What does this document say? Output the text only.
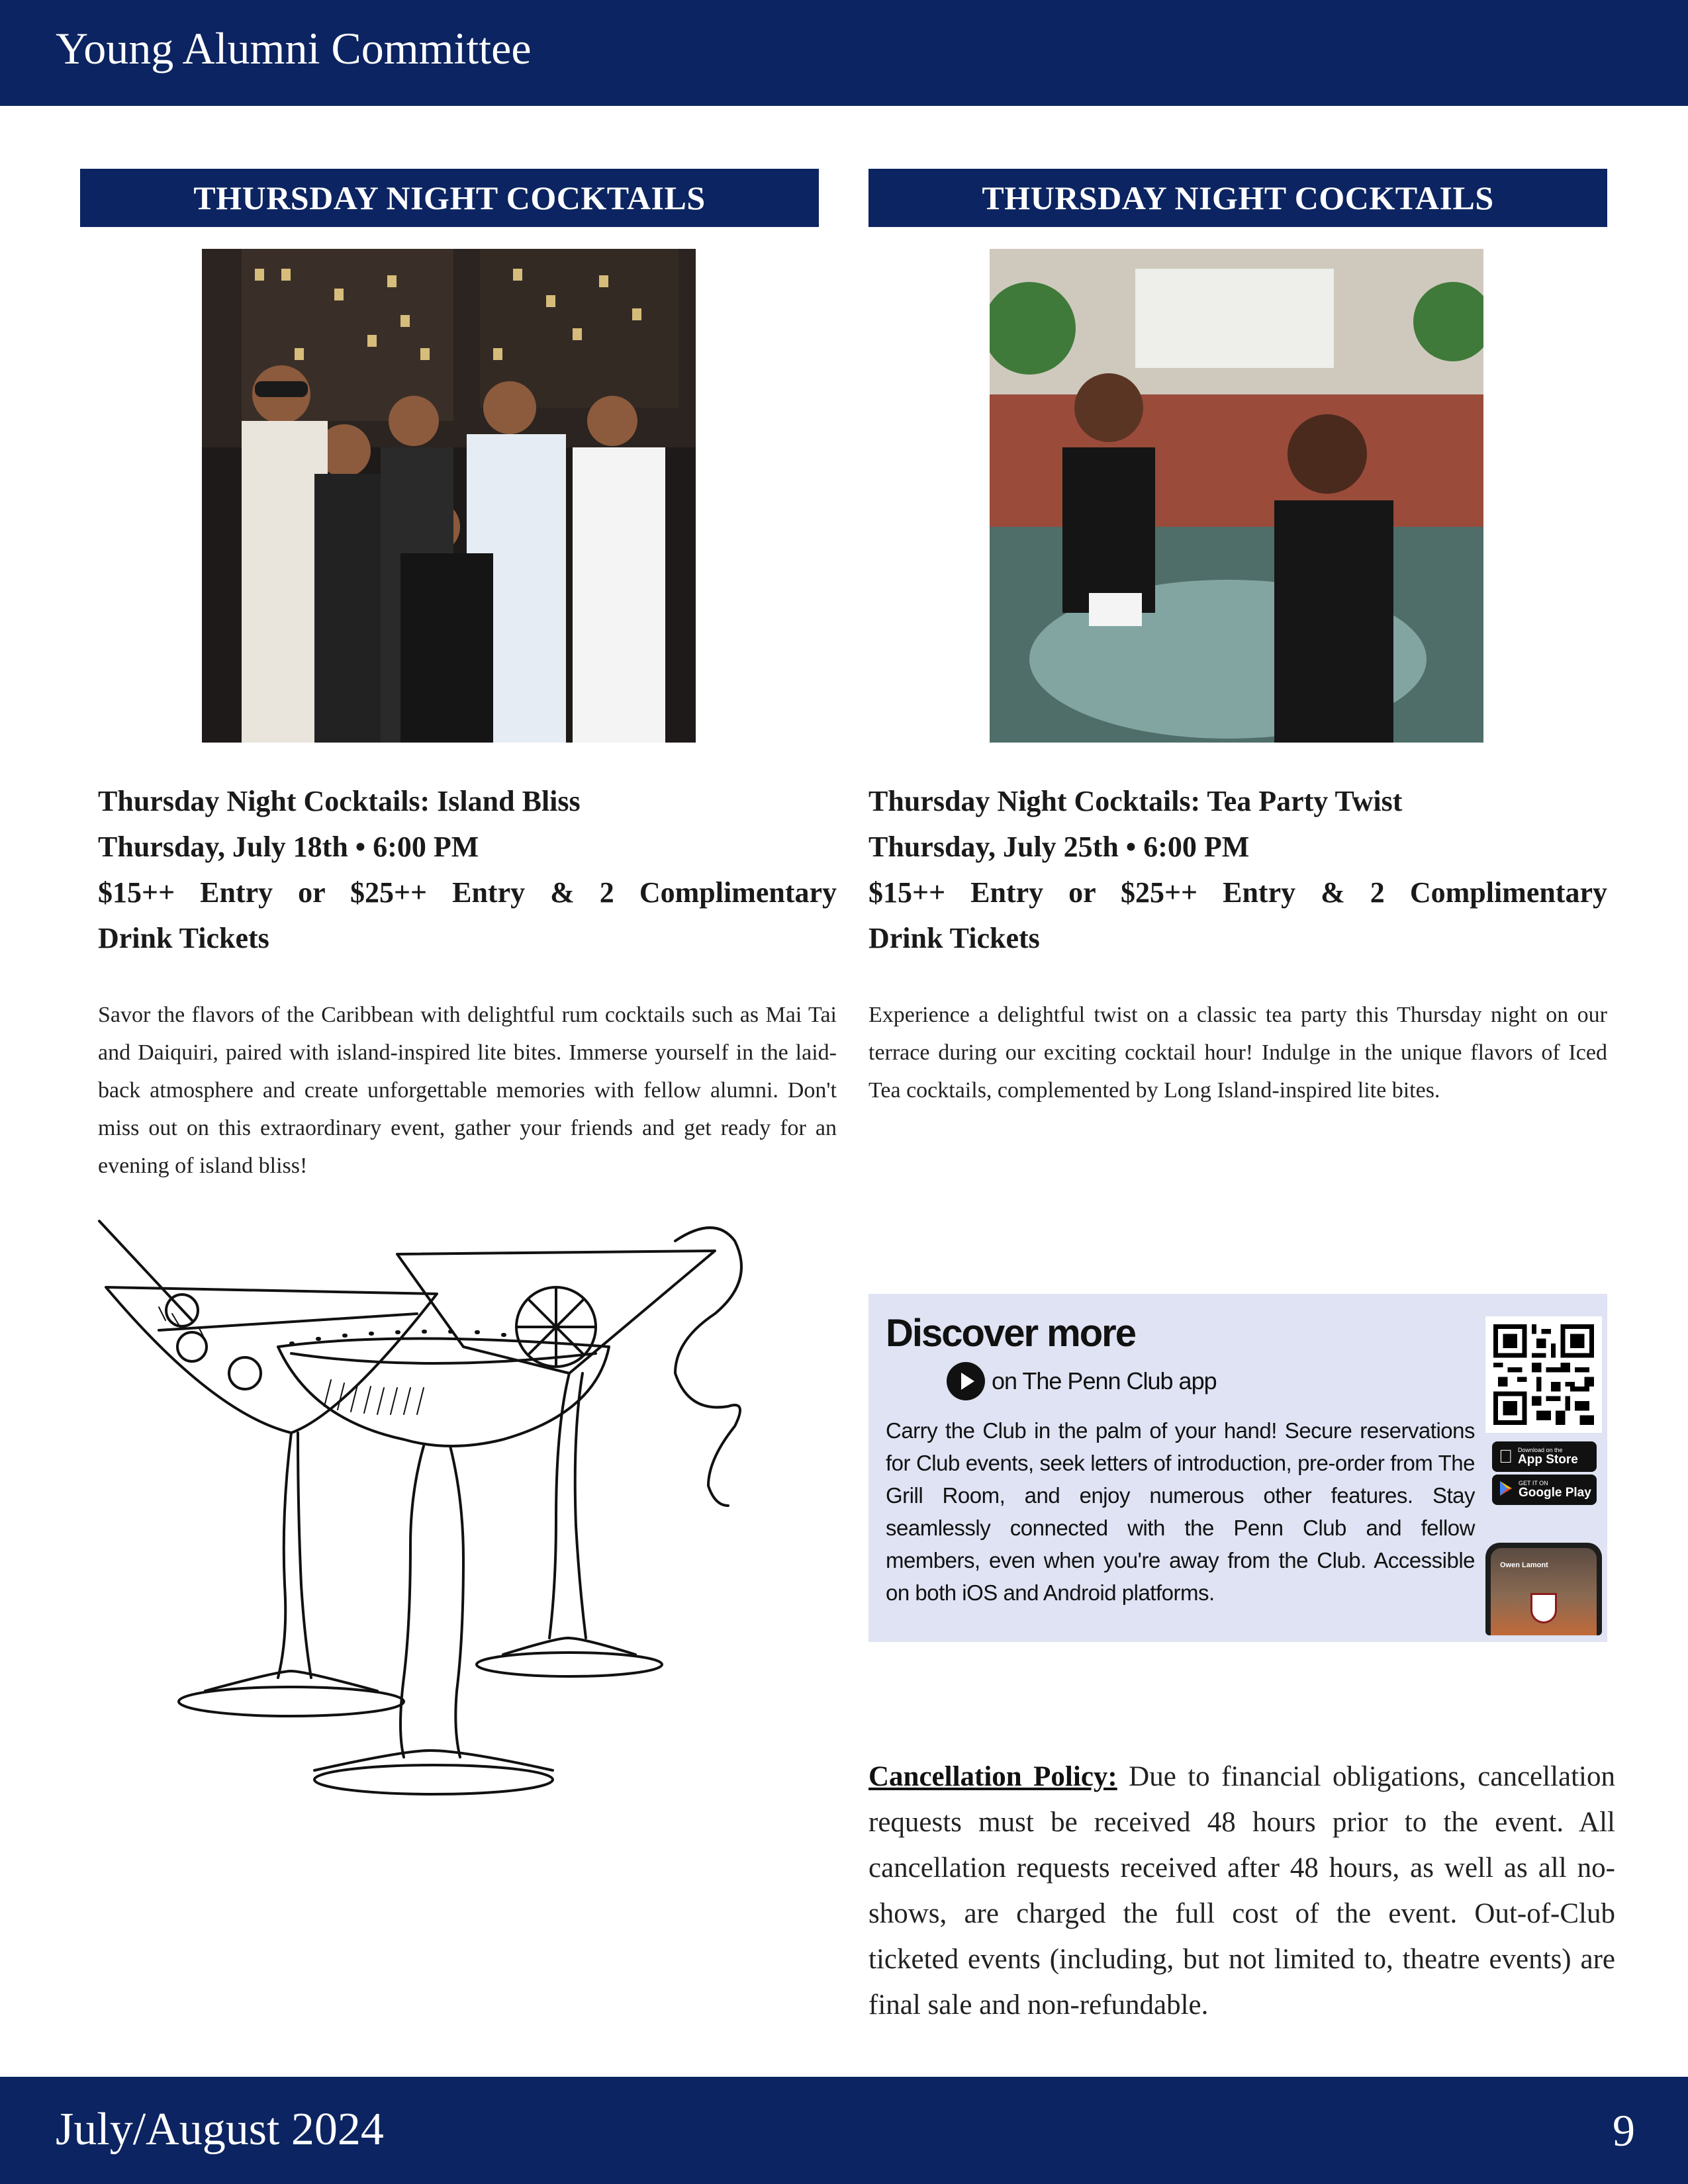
Young Alumni Committee
THURSDAY NIGHT COCKTAILS	THURSDAY NIGHT COCKTAILS
Thursday Night Cocktails: Island Bliss
Thursday, July 18th • 6:00 PM
$15++ Entry or $25++ Entry & 2 Complimentary
Drink Tickets
Thursday Night Cocktails: Tea Party Twist
Thursday, July 25th • 6:00 PM
$15++ Entry or $25++ Entry & 2 Complimentary
Drink Tickets

Savor the flavors of the Caribbean with delightful rum cocktails such as Mai Tai and Daiquiri, paired with island-inspired lite bites. Immerse yourself in the laid-back atmosphere and create unforgettable memories with fellow alumni. Don't miss out on this extraordinary event, gather your friends and get ready for an evening of island bliss!

Experience a delightful twist on a classic tea party this Thursday night on our terrace during our exciting cocktail hour! Indulge in the unique flavors of Iced Tea cocktails, complemented by Long Island-inspired lite bites.

Discover more
on The Penn Club app

Carry the Club in the palm of your hand! Secure reservations for Club events, seek letters of introduction, pre-order from The Grill Room, and enjoy numerous other features. Stay seamlessly connected with the Penn Club and fellow members, even when you're away from the Club. Accessible on both iOS and Android platforms.

Download on the
App Store
GET IT ON
Google Play
Owen Lamont

Cancellation Policy: Due to financial obligations, cancellation requests must be received 48 hours prior to the event. All cancellation requests received after 48 hours, as well as all no-shows, are charged the full cost of the event. Out-of-Club ticketed events (including, but not limited to, theatre events) are final sale and non-refundable.

July/August 2024	9
